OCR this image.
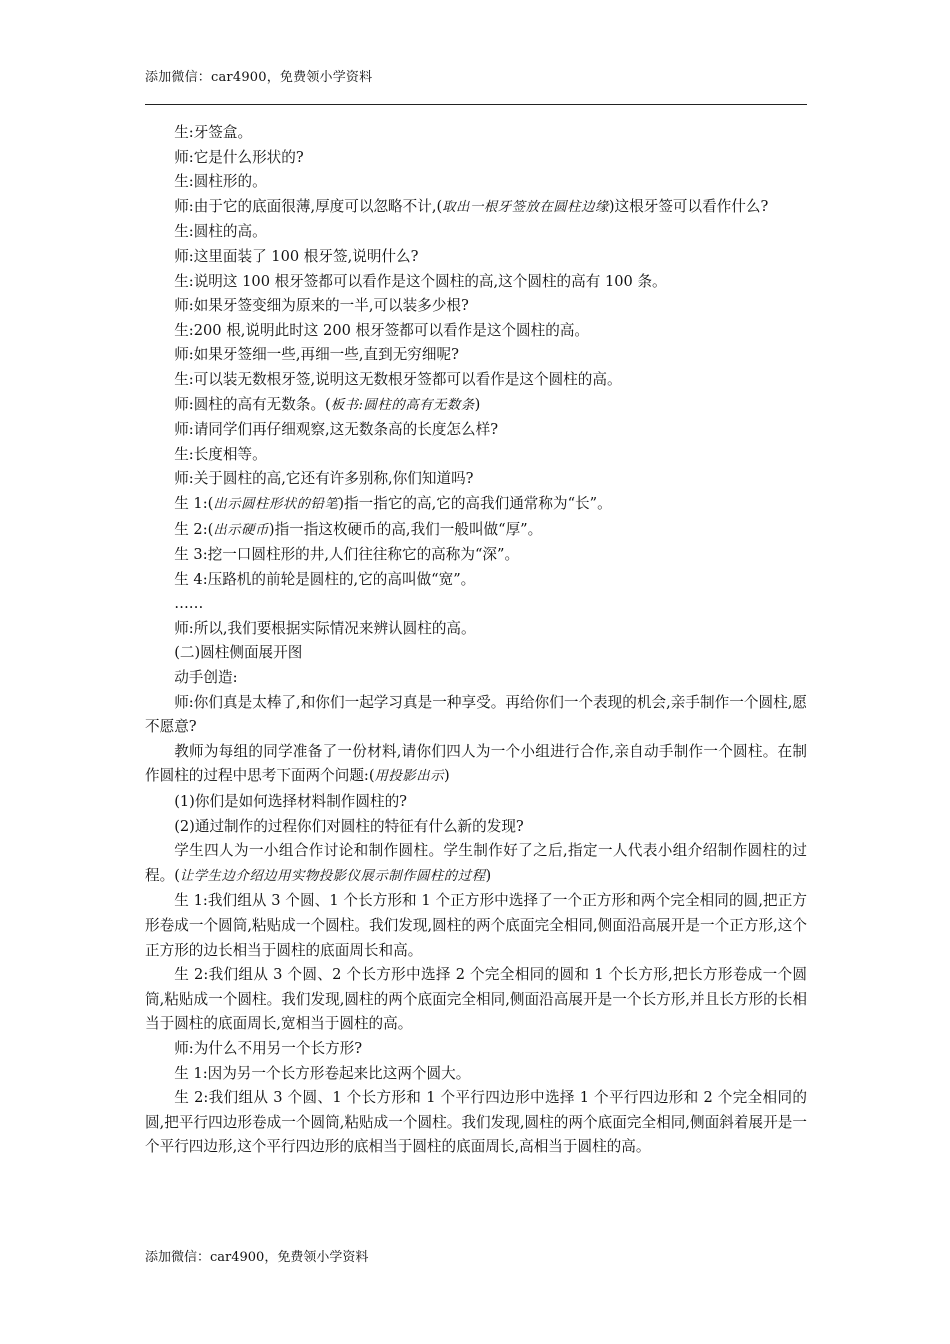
添加微信：car4900，免费领小学资料

生:牙签盒。

师:它是什么形状的?

生:圆柱形的。

师:由于它的底面很薄,厚度可以忽略不计,(取出一根牙签放在圆柱边缘)这根牙签可以看作什么?

生:圆柱的高。

师:这里面装了 100 根牙签,说明什么?

生:说明这 100 根牙签都可以看作是这个圆柱的高,这个圆柱的高有 100 条。

师:如果牙签变细为原来的一半,可以装多少根?

生:200 根,说明此时这 200 根牙签都可以看作是这个圆柱的高。

师:如果牙签细一些,再细一些,直到无穷细呢?

生:可以装无数根牙签,说明这无数根牙签都可以看作是这个圆柱的高。

师:圆柱的高有无数条。(板书:圆柱的高有无数条)

师:请同学们再仔细观察,这无数条高的长度怎么样?

生:长度相等。

师:关于圆柱的高,它还有许多别称,你们知道吗?

生 1:(出示圆柱形状的铅笔)指一指它的高,它的高我们通常称为“长”。

生 2:(出示硬币)指一指这枚硬币的高,我们一般叫做“厚”。

生 3:挖一口圆柱形的井,人们往往称它的高称为“深”。

生 4:压路机的前轮是圆柱的,它的高叫做“宽”。

……

师:所以,我们要根据实际情况来辨认圆柱的高。

(二)圆柱侧面展开图

动手创造:

师:你们真是太棒了,和你们一起学习真是一种享受。再给你们一个表现的机会,亲手制作一个圆柱,愿不愿意?

教师为每组的同学准备了一份材料,请你们四人为一个小组进行合作,亲自动手制作一个圆柱。在制作圆柱的过程中思考下面两个问题:(用投影出示)

(1)你们是如何选择材料制作圆柱的?

(2)通过制作的过程你们对圆柱的特征有什么新的发现?

学生四人为一小组合作讨论和制作圆柱。学生制作好了之后,指定一人代表小组介绍制作圆柱的过程。(让学生边介绍边用实物投影仪展示制作圆柱的过程)

生 1:我们组从 3 个圆、1 个长方形和 1 个正方形中选择了一个正方形和两个完全相同的圆,把正方形卷成一个圆筒,粘贴成一个圆柱。我们发现,圆柱的两个底面完全相同,侧面沿高展开是一个正方形,这个正方形的边长相当于圆柱的底面周长和高。

生 2:我们组从 3 个圆、2 个长方形中选择 2 个完全相同的圆和 1 个长方形,把长方形卷成一个圆筒,粘贴成一个圆柱。我们发现,圆柱的两个底面完全相同,侧面沿高展开是一个长方形,并且长方形的长相当于圆柱的底面周长,宽相当于圆柱的高。

师:为什么不用另一个长方形?

生 1:因为另一个长方形卷起来比这两个圆大。

生 2:我们组从 3 个圆、1 个长方形和 1 个平行四边形中选择 1 个平行四边形和 2 个完全相同的圆,把平行四边形卷成一个圆筒,粘贴成一个圆柱。我们发现,圆柱的两个底面完全相同,侧面斜着展开是一个平行四边形,这个平行四边形的底相当于圆柱的底面周长,高相当于圆柱的高。

添加微信：car4900，免费领小学资料
